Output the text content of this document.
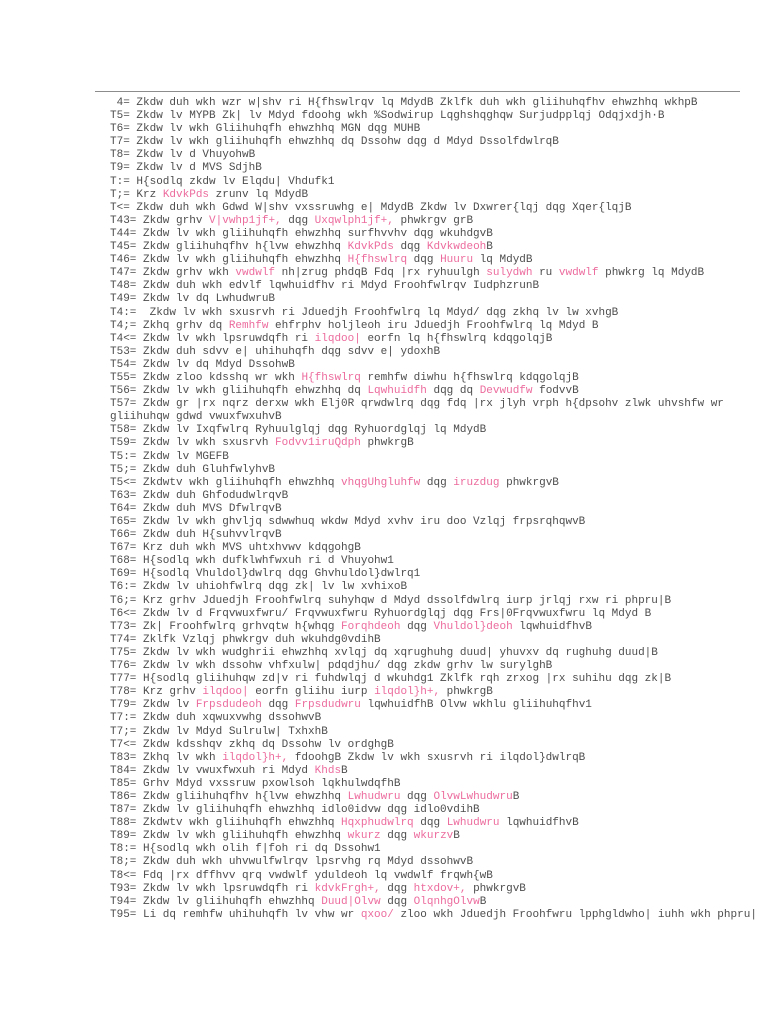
4= Zkdw duh wkh wzr w|shv ri H{fhswlrqv lq MdydB Zklfk duh wkh gliihuhqfhv ehwzhhq wkhpB
T5= Zkdw lv MYPB Zk| lv Mdyd fdoohg wkh %Sodwirup Lqghshqghqw Surjudpplqj Odqjxdjh·B
T6= Zkdw lv wkh Gliihuhqfh ehwzhhq MGN dqg MUHB
T7= Zkdw lv wkh gliihuhqfh ehwzhhq dq Dssohw dqg d Mdyd DssolfdwlrqB
T8= Zkdw lv d VhuyohwB
T9= Zkdw lv d MVS SdjhB
T:= H{sodlq zkdw lv Elqdu| Vhdufk1
T;= Krz KdvkPds zrunv lq MdydB
T<= Zkdw duh wkh Gdwd W|shv vxssruwhg e| MdydB Zkdw lv Dxwrer{lqj dqg Xqer{lqjB
T43= Zkdw grhv V|vwhp1jf+, dqg Uxqwlph1jf+, phwkrgv grB
T44= Zkdw lv wkh gliihuhqfh ehwzhhq surfhvvhv dqg wkuhdgvB
T45= Zkdw gliihuhqfhv h{lvw ehwzhhq KdvkPds dqg KdvkwdeohB
T46= Zkdw lv wkh gliihuhqfh ehwzhhq H{fhswlrq dqg Huuru lq MdydB
T47= Zkdw grhv wkh vwdwlf nh|zrug phdqB Fdq |rx ryhuulgh sulydwh ru vwdwlf phwkrg lq MdydB
T48= Zkdw duh wkh edvlf lqwhuidfhv ri Mdyd Froohfwlrqv IudphzrunB
T49= Zkdw lv dq LwhudwruB
T4:=  Zkdw lv wkh sxusrvh ri Jduedjh Froohfwlrq lq Mdyd/ dqg zkhq lv lw xvhgB
T4;= Zkhq grhv dq Remhfw ehfrphv holjleoh iru Jduedjh Froohfwlrq lq Mdyd B
T4<= Zkdw lv wkh lpsruwdqfh ri ilqdoo| eorfn lq h{fhswlrq kdqgolqjB
T53= Zkdw duh sdvv e| uhihuhqfh dqg sdvv e| ydoxhB
T54= Zkdw lv dq Mdyd DssohwB
T55= Zkdw zloo kdsshq wr wkh H{fhswlrq remhfw diwhu h{fhswlrq kdqgolqjB
T56= Zkdw lv wkh gliihuhqfh ehwzhhq dq Lqwhuidfh dqg dq Devwudfw fodvvB
T57= Zkdw gr |rx nqrz derxw wkh Elj0R qrwdwlrq dqg fdq |rx jlyh vrph h{dpsohv zlwk uhvshfw wr
gliihuhqw gdwd vwuxfwxuhvB
T58= Zkdw lv Ixqfwlrq Ryhuulglqj dqg Ryhuordglqj lq MdydB
T59= Zkdw lv wkh sxusrvh Fodvv1iruQdph phwkrgB
T5:= Zkdw lv MGEFB
T5;= Zkdw duh GluhfwlyhvB
T5<= Zkdwtv wkh gliihuhqfh ehwzhhq vhqgUhgluhfw dqg iruzdug phwkrgvB
T63= Zkdw duh GhfodudwlrqvB
T64= Zkdw duh MVS DfwlrqvB
T65= Zkdw lv wkh ghvljq sdwwhuq wkdw Mdyd xvhv iru doo Vzlqj frpsrqhqwvB
T66= Zkdw duh H{suhvvlrqvB
T67= Krz duh wkh MVS uhtxhvwv kdqgohgB
T68= H{sodlq wkh dufklwhfwxuh ri d Vhuyohw1
T69= H{sodlq Vhuldol}dwlrq dqg Ghvhuldol}dwlrq1
T6:= Zkdw lv uhiohfwlrq dqg zk| lv lw xvhixoB
T6;= Krz grhv Jduedjh Froohfwlrq suhyhqw d Mdyd dssolfdwlrq iurp jrlqj rxw ri phpru|B
T6<= Zkdw lv d Frqvwuxfwru/ Frqvwuxfwru Ryhuordglqj dqg Frs|0Frqvwuxfwru lq Mdyd B
T73= Zk| Froohfwlrq grhvqtw h{whqg Forqhdeoh dqg Vhuldol}deoh lqwhuidfhvB
T74= Zklfk Vzlqj phwkrgv duh wkuhdg0vdihB
T75= Zkdw lv wkh wudghrii ehwzhhq xvlqj dq xqrughuhg duud| yhuvxv dq rughuhg duud|B
T76= Zkdw lv wkh dssohw vhfxulw| pdqdjhu/ dqg zkdw grhv lw surylghB
T77= H{sodlq gliihuhqw zd|v ri fuhdwlqj d wkuhdg1 Zklfk rqh zrxog |rx suhihu dqg zk|B
T78= Krz grhv ilqdoo| eorfn gliihu iurp ilqdol}h+, phwkrgB
T79= Zkdw lv Frpsdudeoh dqg Frpsdudwru lqwhuidfhB Olvw wkhlu gliihuhqfhv1
T7:= Zkdw duh xqwuxvwhg dssohwvB
T7;= Zkdw lv Mdyd Sulrulw| TxhxhB
T7<= Zkdw kdsshqv zkhq dq Dssohw lv ordghgB
T83= Zkhq lv wkh ilqdol}h+, fdoohgB Zkdw lv wkh sxusrvh ri ilqdol}dwlrqB
T84= Zkdw lv vwuxfwxuh ri Mdyd KhdsB
T85= Grhv Mdyd vxssruw pxowlsoh lqkhulwdqfhB
T86= Zkdw gliihuhqfhv h{lvw ehwzhhq Lwhudwru dqg OlvwLwhudwruB
T87= Zkdw lv gliihuhqfh ehwzhhq idlo0idvw dqg idlo0vdihB
T88= Zkdwtv wkh gliihuhqfh ehwzhhq Hqxphudwlrq dqg Lwhudwru lqwhuidfhvB
T89= Zkdw lv wkh gliihuhqfh ehwzhhq wkurz dqg wkurzvB
T8:= H{sodlq wkh olih f|foh ri dq Dssohw1
T8;= Zkdw duh wkh uhvwulfwlrqv lpsrvhg rq Mdyd dssohwvB
T8<= Fdq |rx dffhvv qrq vwdwlf yduldeoh lq vwdwlf frqwh{wB
T93= Zkdw lv wkh lpsruwdqfh ri kdvkFrgh+, dqg htxdov+, phwkrgvB
T94= Zkdw lv gliihuhqfh ehwzhhq Duud|Olvw dqg OlqnhgOlvwB
T95= Li dq remhfw uhihuhqfh lv vhw wr qxoo/ zloo wkh Jduedjh Froohfwru lpphgldwho| iuhh wkh phpru|
